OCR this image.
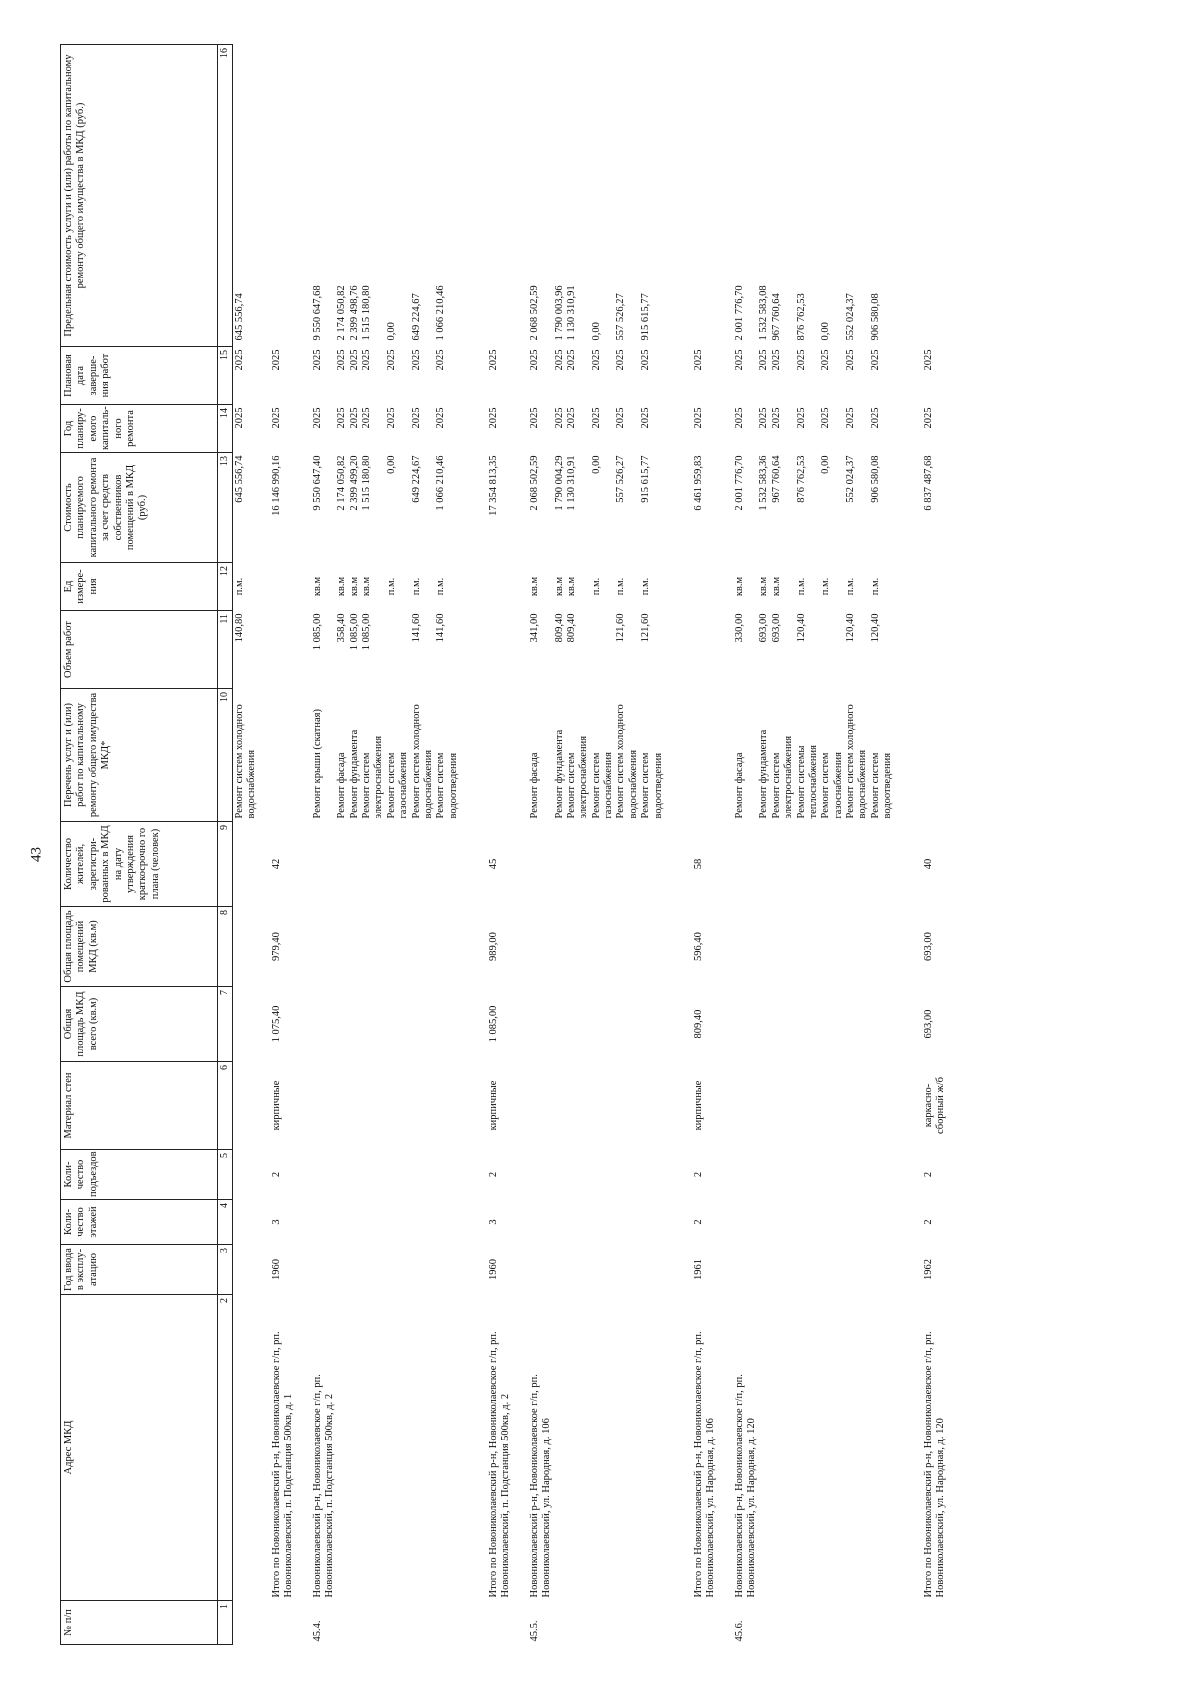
43
№ п/п	Адрес МКД	Год ввода в эксплу-атацию	Коли-чество этажей	Коли-чество подъездов	Материал стен	Общая площадь МКД всего (кв.м)	Общая площадь помещений МКД (кв.м)	Количество жителей, зарегистри-рованных в МКД на дату утверждения краткосрочно го плана (человек)	Перечень услуг и (или) работ по капитальному ремонту общего имущества МКД*	Объем работ	Ед измере-ния	Стоимость планируемого капитального ремонта за счет средств собственников помещений в МКД (руб.)	Год планиру-емого капиталь-ного ремонта	Плановая дата заверше-ния работ	Предельная стоимость услуги и (или) работы по капитальному ремонту общего имущества в МКД (руб.)
1	2	3	4	5	6	7	8	9	10	11	12	13	14	15	16
									Ремонт систем холодного водоснабжения	140,80	п.м.	645 556,74	2025	2025	645 556,74
	Итого по Новониколаевский р-н, Новониколаевское г/п, рп. Новониколаевский, п. Подстанция 500кв, д. 1	1960	3	2	кирпичные	1 075,40	979,40	42				16 146 990,16	2025	2025	

45.4.	Новониколаевский р-н, Новониколаевское г/п, рп. Новониколаевский, п. Подстанция 500кв, д. 2								Ремонт крыши (скатная)	1 085,00	кв.м	9 550 647,40	2025	2025	9 550 647,68
									Ремонт фасада	358,40	кв.м	2 174 050,82	2025	2025	2 174 050,82
									Ремонт фундамента	1 085,00	кв.м	2 399 499,20	2025	2025	2 399 498,76
									Ремонт систем электроснабжения	1 085,00	кв.м	1 515 180,80	2025	2025	1 515 180,80
									Ремонт систем газоснабжения		п.м.	0,00	2025	2025	0,00
									Ремонт систем холодного водоснабжения	141,60	п.м.	649 224,67	2025	2025	649 224,67
									Ремонт систем водоотведения	141,60	п.м.	1 066 210,46	2025	2025	1 066 210,46

	Итого по Новониколаевский р-н, Новониколаевское г/п, рп. Новониколаевский, п. Подстанция 500кв, д. 2	1960	3	2	кирпичные	1 085,00	989,00	45				17 354 813,35	2025	2025	

45.5.	Новониколаевский р-н, Новониколаевское г/п, рп. Новониколаевский, ул. Народная, д. 106								Ремонт фасада	341,00	кв.м	2 068 502,59	2025	2025	2 068 502,59
									Ремонт фундамента	809,40	кв.м	1 790 004,29	2025	2025	1 790 003,96
									Ремонт систем электроснабжения	809,40	кв.м	1 130 310,91	2025	2025	1 130 310,91
									Ремонт систем газоснабжения		п.м.	0,00	2025	2025	0,00
									Ремонт систем холодного водоснабжения	121,60	п.м.	557 526,27	2025	2025	557 526,27
									Ремонт систем водоотведения	121,60	п.м.	915 615,77	2025	2025	915 615,77

	Итого по Новониколаевский р-н, Новониколаевское г/п, рп. Новониколаевский, ул. Народная, д. 106	1961	2	2	кирпичные	809,40	596,40	58				6 461 959,83	2025	2025	

45.6.	Новониколаевский р-н, Новониколаевское г/п, рп. Новониколаевский, ул. Народная, д. 120								Ремонт фасада	330,00	кв.м	2 001 776,70	2025	2025	2 001 776,70
									Ремонт фундамента	693,00	кв.м	1 532 583,36	2025	2025	1 532 583,08
									Ремонт систем электроснабжения	693,00	кв.м	967 760,64	2025	2025	967 760,64
									Ремонт системы теплоснабжения	120,40	п.м.	876 762,53	2025	2025	876 762,53
									Ремонт систем газоснабжения		п.м.	0,00	2025	2025	0,00
									Ремонт систем холодного водоснабжения	120,40	п.м.	552 024,37	2025	2025	552 024,37
									Ремонт систем водоотведения	120,40	п.м.	906 580,08	2025	2025	906 580,08

	Итого по Новониколаевский р-н, Новониколаевское г/п, рп. Новониколаевский, ул. Народная, д. 120	1962	2	2	каркасно-сборный ж/б	693,00	693,00	40				6 837 487,68	2025	2025	
